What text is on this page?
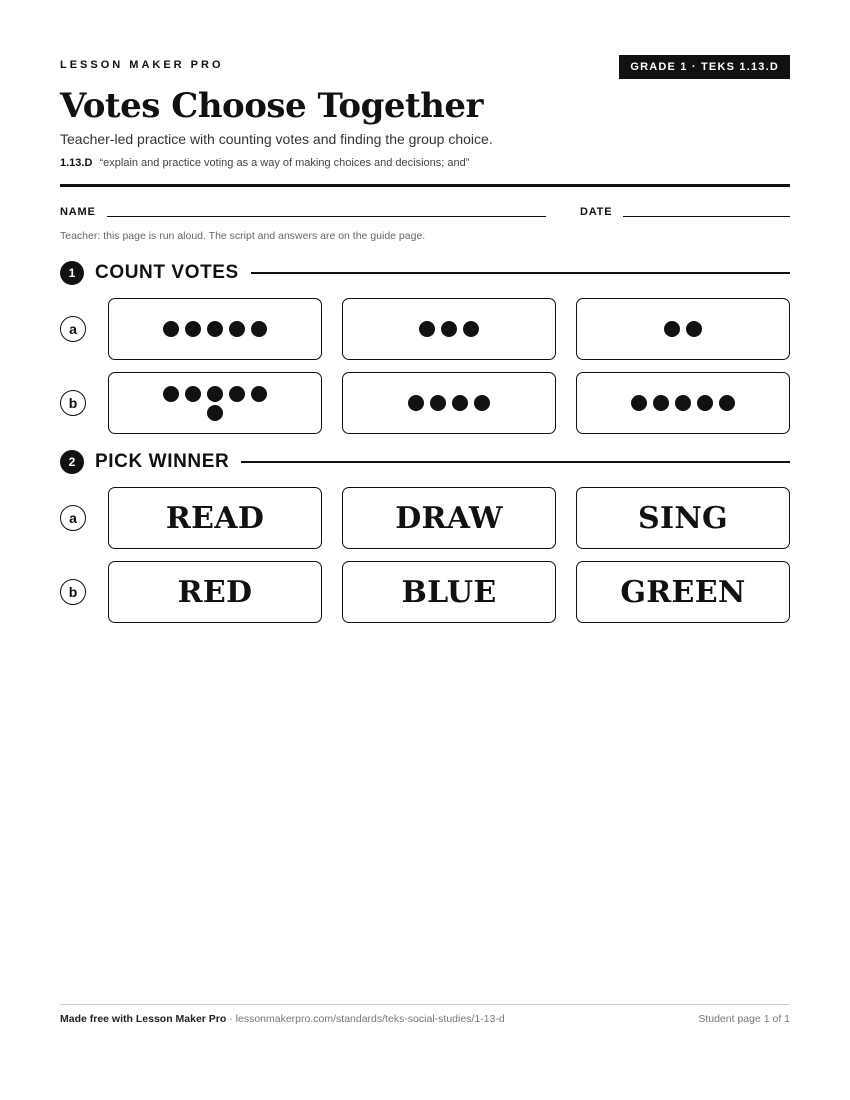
LESSON MAKER PRO	GRADE 1 · TEKS 1.13.D
Votes Choose Together
Teacher-led practice with counting votes and finding the group choice.
1.13.D “explain and practice voting as a way of making choices and decisions; and”
NAME	DATE
Teacher: this page is run aloud. The script and answers are on the guide page.
1	COUNT VOTES
a
b
2	PICK WINNER
a	READ	DRAW	SING
b	RED	BLUE	GREEN
Made free with Lesson Maker Pro · lessonmakerpro.com/standards/teks-social-studies/1-13-d	Student page 1 of 1
